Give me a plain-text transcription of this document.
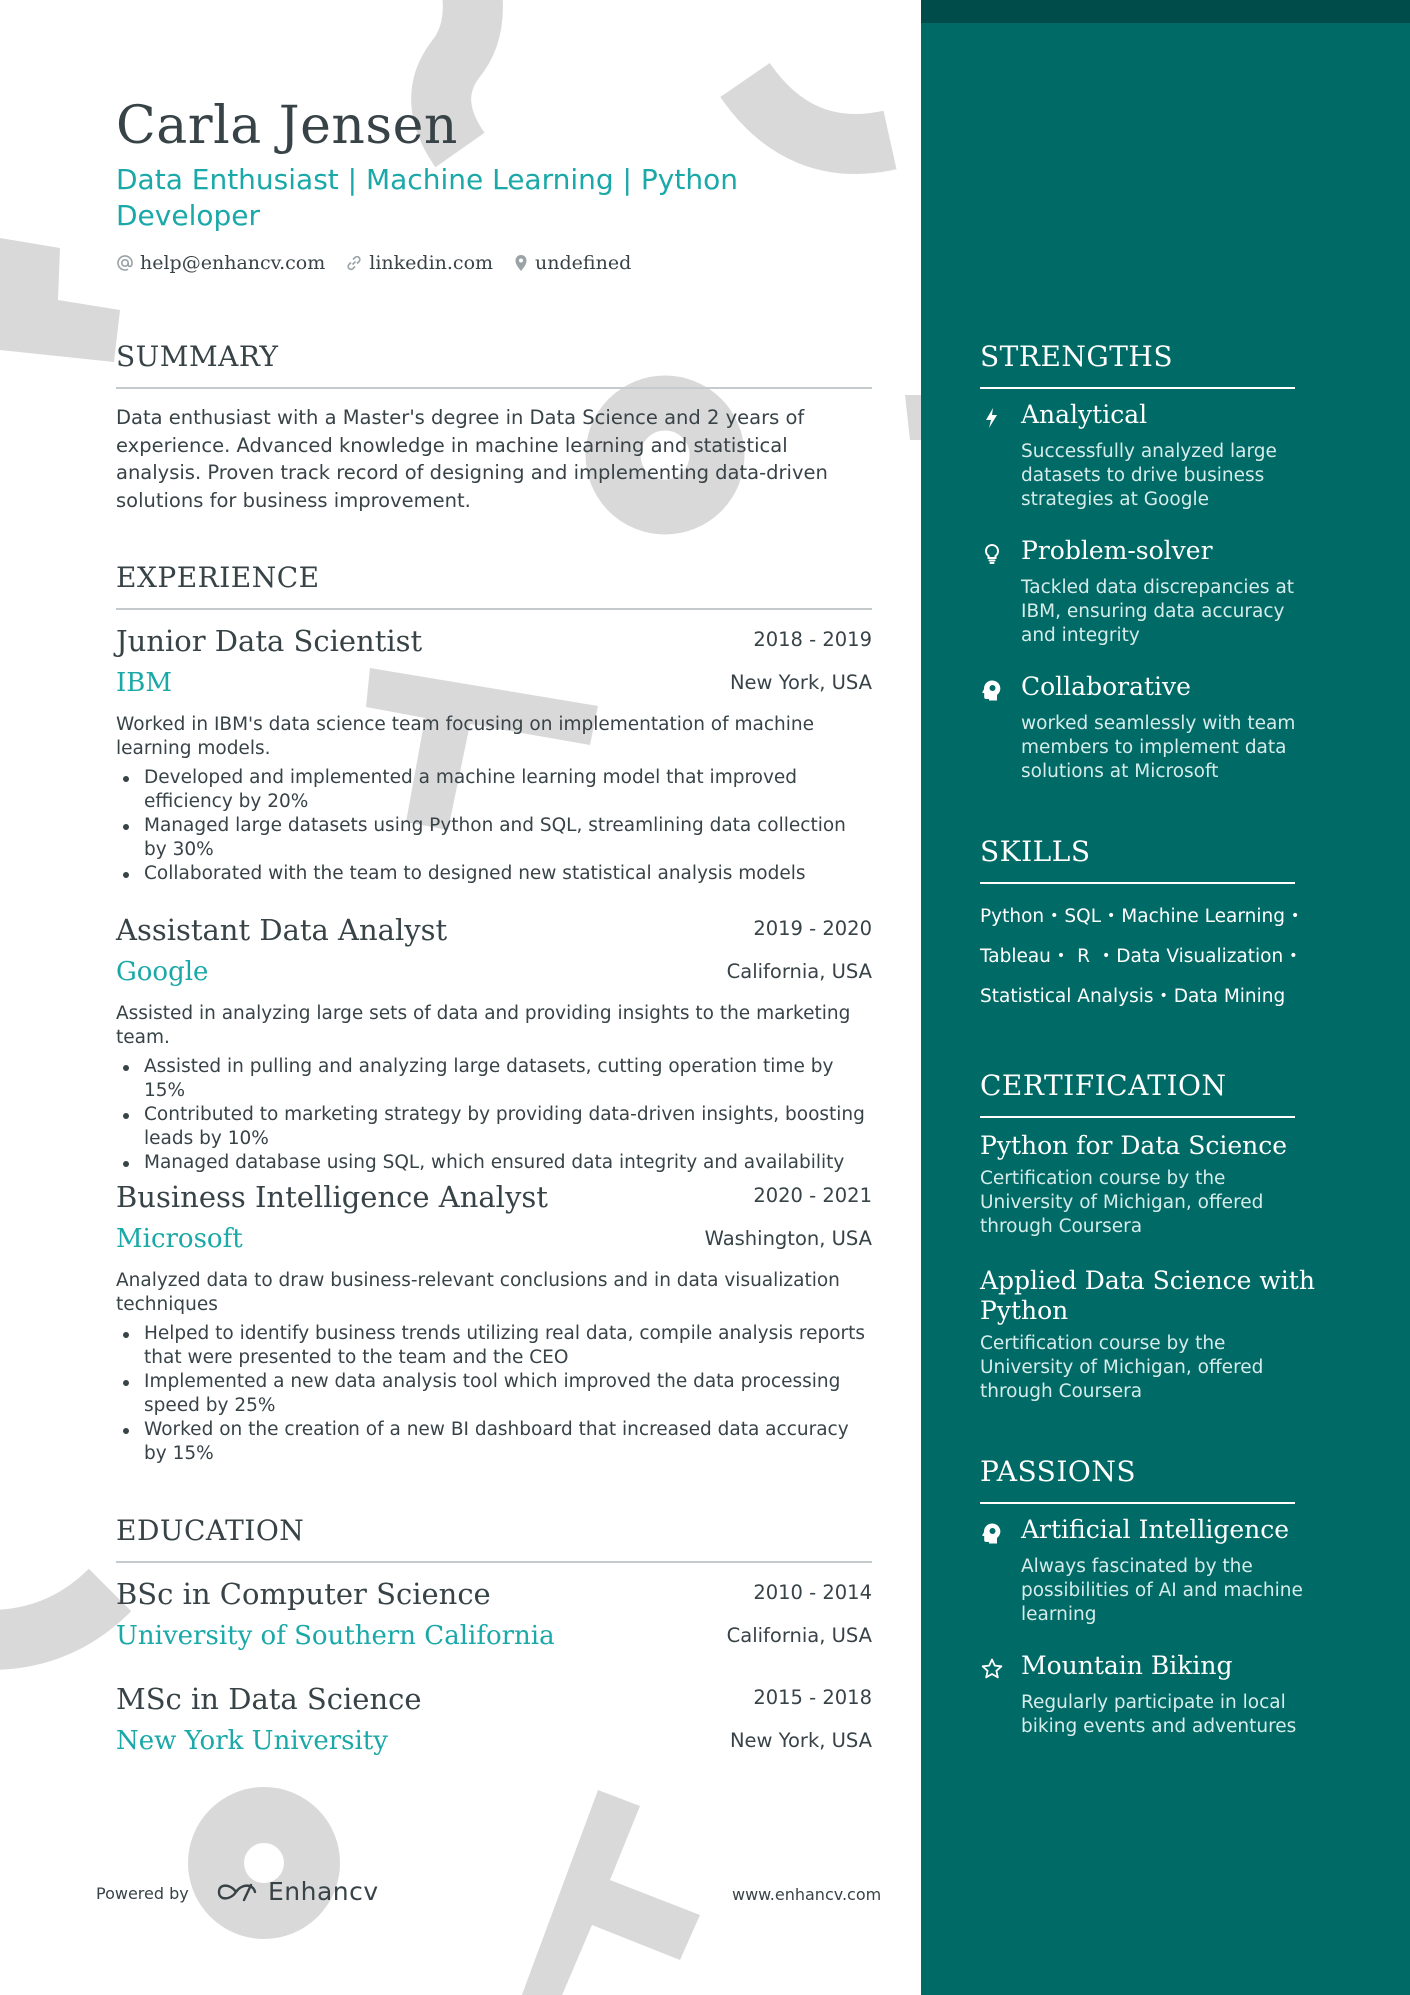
Carla Jensen
Data Enthusiast | Machine Learning | Python Developer
help@enhancv.com linkedin.com undefined
SUMMARY
Data enthusiast with a Master's degree in Data Science and 2 years of experience. Advanced knowledge in machine learning and statistical analysis. Proven track record of designing and implementing data-driven solutions for business improvement.
EXPERIENCE
Junior Data Scientist	2018 - 2019
IBM	New York, USA
Worked in IBM's data science team focusing on implementation of machine learning models.
Developed and implemented a machine learning model that improved efficiency by 20%
Managed large datasets using Python and SQL, streamlining data collection by 30%
Collaborated with the team to designed new statistical analysis models
Assistant Data Analyst	2019 - 2020
Google	California, USA
Assisted in analyzing large sets of data and providing insights to the marketing team.
Assisted in pulling and analyzing large datasets, cutting operation time by 15%
Contributed to marketing strategy by providing data-driven insights, boosting leads by 10%
Managed database using SQL, which ensured data integrity and availability
Business Intelligence Analyst	2020 - 2021
Microsoft	Washington, USA
Analyzed data to draw business-relevant conclusions and in data visualization techniques
Helped to identify business trends utilizing real data, compile analysis reports that were presented to the team and the CEO
Implemented a new data analysis tool which improved the data processing speed by 25%
Worked on the creation of a new BI dashboard that increased data accuracy by 15%
EDUCATION
BSc in Computer Science	2010 - 2014
University of Southern California	California, USA
MSc in Data Science	2015 - 2018
New York University	New York, USA
Powered by	Enhancv	www.enhancv.com
STRENGTHS
Analytical
Successfully analyzed large datasets to drive business strategies at Google
Problem-solver
Tackled data discrepancies at IBM, ensuring data accuracy and integrity
Collaborative
worked seamlessly with team members to implement data solutions at Microsoft
SKILLS
Python • SQL • Machine Learning •
Tableau • R • Data Visualization •
Statistical Analysis • Data Mining
CERTIFICATION
Python for Data Science
Certification course by the University of Michigan, offered through Coursera
Applied Data Science with Python
Certification course by the University of Michigan, offered through Coursera
PASSIONS
Artificial Intelligence
Always fascinated by the possibilities of AI and machine learning
Mountain Biking
Regularly participate in local biking events and adventures
